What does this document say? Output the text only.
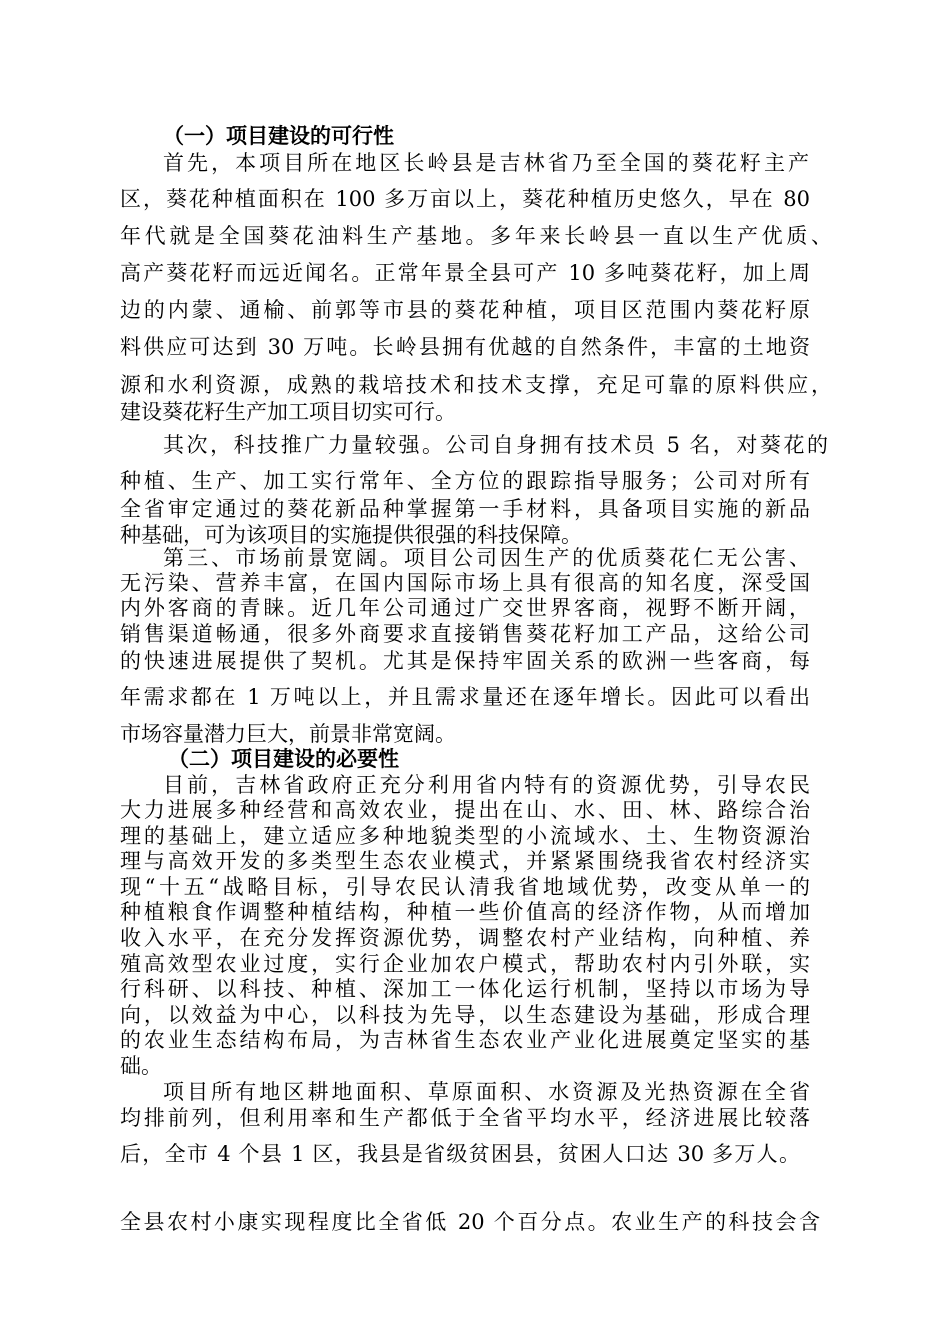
（一）项目建设的可行性
首先，本项目所在地区长岭县是吉林省乃至全国的葵花籽主产
区，葵花种植面积在 100 多万亩以上，葵花种植历史悠久，早在 80
年代就是全国葵花油料生产基地。多年来长岭县一直以生产优质、
高产葵花籽而远近闻名。正常年景全县可产 10 多吨葵花籽，加上周
边的内蒙、通榆、前郭等市县的葵花种植，项目区范围内葵花籽原
料供应可达到 30 万吨。长岭县拥有优越的自然条件，丰富的土地资
源和水利资源，成熟的栽培技术和技术支撑，充足可靠的原料供应，
建设葵花籽生产加工项目切实可行。
其次，科技推广力量较强。公司自身拥有技术员 5 名，对葵花的
种植、生产、加工实行常年、全方位的跟踪指导服务；公司对所有
全省审定通过的葵花新品种掌握第一手材料，具备项目实施的新品
种基础，可为该项目的实施提供很强的科技保障。
第三、市场前景宽阔。项目公司因生产的优质葵花仁无公害、
无污染、营养丰富，在国内国际市场上具有很高的知名度，深受国
内外客商的青睐。近几年公司通过广交世界客商，视野不断开阔，
销售渠道畅通，很多外商要求直接销售葵花籽加工产品，这给公司
的快速进展提供了契机。尤其是保持牢固关系的欧洲一些客商，每
年需求都在 1 万吨以上，并且需求量还在逐年增长。因此可以看出
市场容量潜力巨大，前景非常宽阔。
（二）项目建设的必要性
目前，吉林省政府正充分利用省内特有的资源优势，引导农民
大力进展多种经营和高效农业，提出在山、水、田、林、路综合治
理的基础上，建立适应多种地貌类型的小流域水、土、生物资源治
理与高效开发的多类型生态农业模式，并紧紧围绕我省农村经济实
现“十五“战略目标，引导农民认清我省地域优势，改变从单一的
种植粮食作调整种植结构，种植一些价值高的经济作物，从而增加
收入水平，在充分发挥资源优势，调整农村产业结构，向种植、养
殖高效型农业过度，实行企业加农户模式，帮助农村内引外联，实
行科研、以科技、种植、深加工一体化运行机制，坚持以市场为导
向，以效益为中心，以科技为先导，以生态建设为基础，形成合理
的农业生态结构布局，为吉林省生态农业产业化进展奠定坚实的基
础。
项目所有地区耕地面积、草原面积、水资源及光热资源在全省
均排前列，但利用率和生产都低于全省平均水平，经济进展比较落
后，全市 4 个县 1 区，我县是省级贫困县，贫困人口达 30 多万人。
全县农村小康实现程度比全省低 20 个百分点。农业生产的科技会含
